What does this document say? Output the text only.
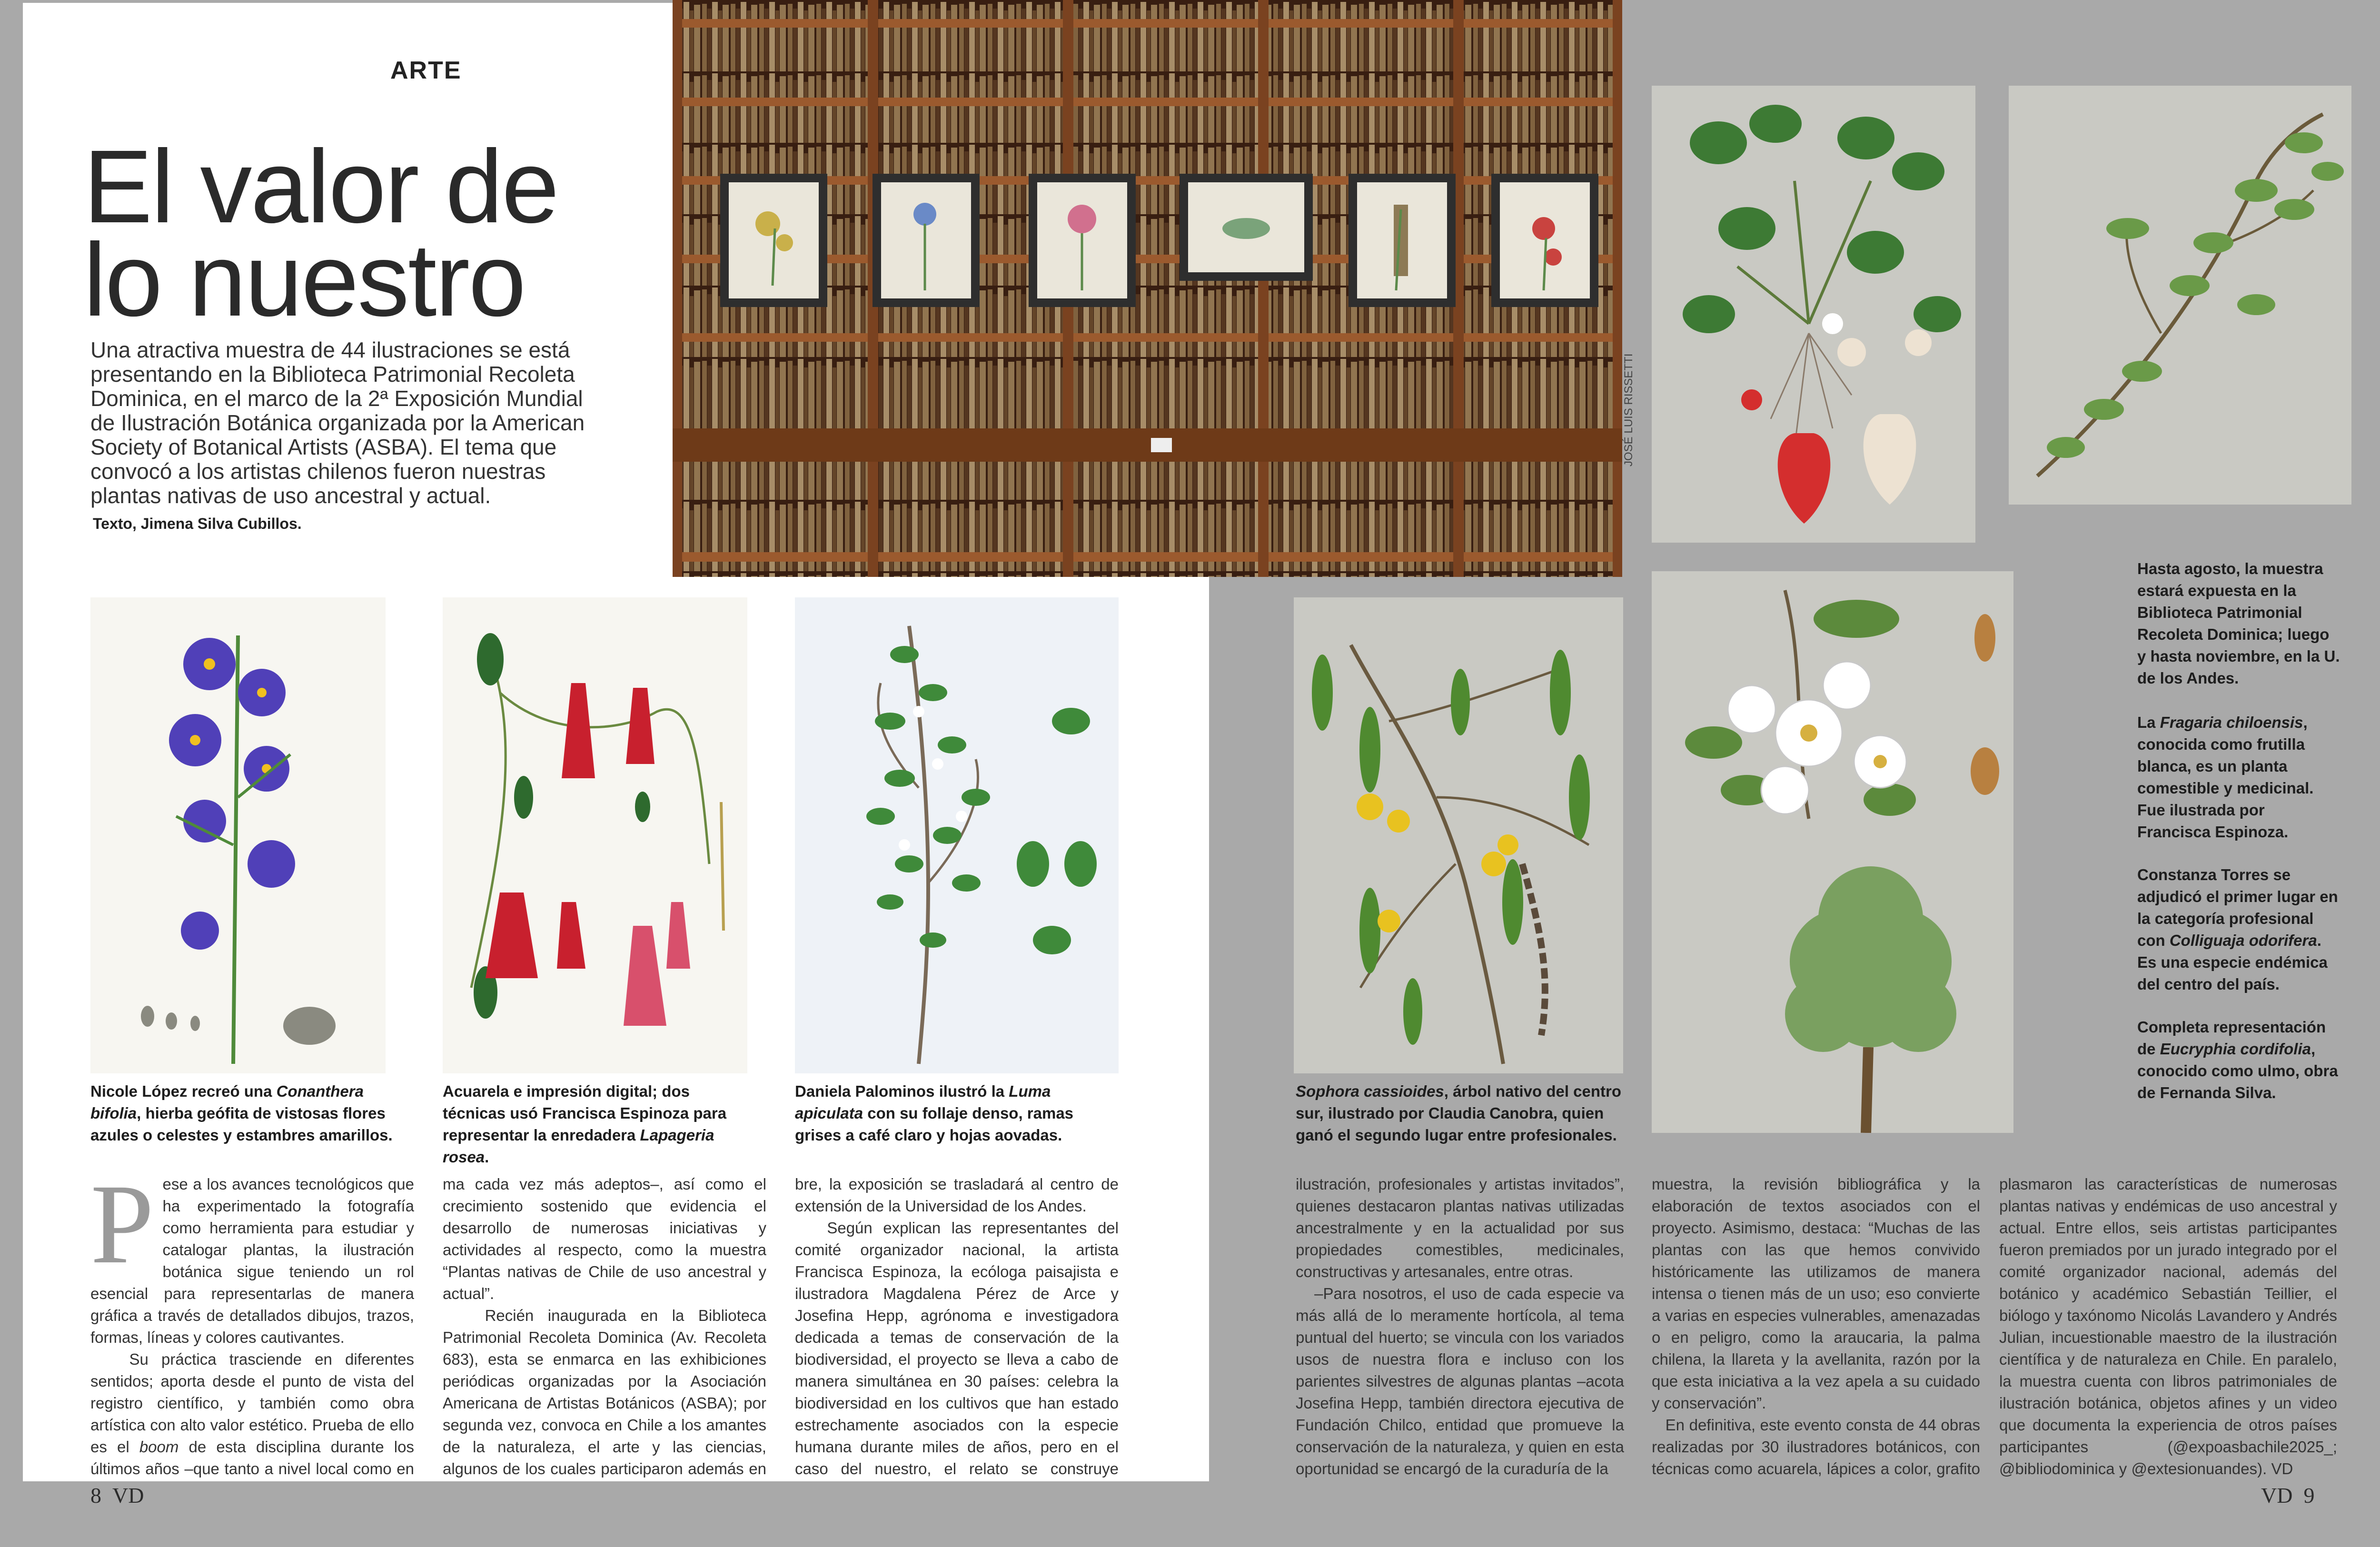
ARTE
El valor de
lo nuestro
Una atractiva muestra de 44 ilustraciones se está presentando en la Biblioteca Patrimonial Recoleta Dominica, en el marco de la 2ª Exposición Mundial de Ilustración Botánica organizada por la American Society of Botanical Artists (ASBA). El tema que convocó a los artistas chilenos fueron nuestras plantas nativas de uso ancestral y actual.
Texto, Jimena Silva Cubillos.
JOSÉ LUIS RISSETTI
Nicole López recreó una Conanthera bifolia, hierba geófita de vistosas flores azules o celestes y estambres amarillos.
Acuarela e impresión digital; dos técnicas usó Francisca Espinoza para representar la enredadera Lapageria rosea.
Daniela Palominos ilustró la Luma apiculata con su follaje denso, ramas grises a café claro y hojas aovadas.
P ese a los avances tecnológicos que ha experimentado la fotografía como herramienta para estudiar y catalogar plantas, la ilustración botánica sigue teniendo un rol esencial para representarlas de manera gráfica a través de detallados dibujos, trazos, formas, líneas y colores cautivantes.
Su práctica trasciende en diferentes sentidos; aporta desde el punto de vista del registro científico, y también como obra artística con alto valor estético. Prueba de ello es el boom de esta disciplina durante los últimos años –que tanto a nivel local como en
ma cada vez más adeptos–, así como el crecimiento sostenido que evidencia el desarrollo de numerosas iniciativas y actividades al respecto, como la muestra “Plantas nativas de Chile de uso ancestral y actual”.
Recién inaugurada en la Biblioteca Patrimonial Recoleta Dominica (Av. Recoleta 683), esta se enmarca en las exhibiciones periódicas organizadas por la Asociación Americana de Artistas Botánicos (ASBA); por segunda vez, convoca en Chile a los amantes de la naturaleza, el arte y las ciencias, algunos de los cuales participaron además en
bre, la exposición se trasladará al centro de extensión de la Universidad de los Andes.
Según explican las representantes del comité organizador nacional, la artista Francisca Espinoza, la ecóloga paisajista e ilustradora Magdalena Pérez de Arce y Josefina Hepp, agrónoma e investigadora dedicada a temas de conservación de la biodiversidad, el proyecto se lleva a cabo de manera simultánea en 30 países: celebra la biodiversidad en los cultivos que han estado estrechamente asociados con la especie humana durante miles de años, pero en el caso del nuestro, el relato se construye
8 VD
Hasta agosto, la muestra estará expuesta en la Biblioteca Patrimonial Recoleta Dominica; luego y hasta noviembre, en la U. de los Andes.
La Fragaria chiloensis, conocida como frutilla blanca, es un planta comestible y medicinal. Fue ilustrada por Francisca Espinoza.
Constanza Torres se adjudicó el primer lugar en la categoría profesional con Colliguaja odorifera. Es una especie endémica del centro del país.
Completa representación de Eucryphia cordifolia, conocido como ulmo, obra de Fernanda Silva.
Sophora cassioides, árbol nativo del centro sur, ilustrado por Claudia Canobra, quien ganó el segundo lugar entre profesionales.
ilustración, profesionales y artistas invitados”, quienes destacaron plantas nativas utilizadas ancestralmente y en la actualidad por sus propiedades comestibles, medicinales, constructivas y artesanales, entre otras.
–Para nosotros, el uso de cada especie va más allá de lo meramente hortícola, al tema puntual del huerto; se vincula con los variados usos de nuestra flora e incluso con los parientes silvestres de algunas plantas –acota Josefina Hepp, también directora ejecutiva de Fundación Chilco, entidad que promueve la conservación de la naturaleza, y quien en esta oportunidad se encargó de la curaduría de la
muestra, la revisión bibliográfica y la elaboración de textos asociados con el proyecto. Asimismo, destaca: “Muchas de las plantas con las que hemos convivido históricamente las utilizamos de manera intensa o tienen más de un uso; eso convierte a varias en especies vulnerables, amenazadas o en peligro, como la araucaria, la palma chilena, la llareta y la avellanita, razón por la que esta iniciativa a la vez apela a su cuidado y conservación”.
En definitiva, este evento consta de 44 obras realizadas por 30 ilustradores botánicos, con técnicas como acuarela, lápices a color, grafito
plasmaron las características de numerosas plantas nativas y endémicas de uso ancestral y actual. Entre ellos, seis artistas participantes fueron premiados por un jurado integrado por el comité organizador nacional, además del botánico y académico Sebastián Teillier, el biólogo y taxónomo Nicolás Lavandero y Andrés Julian, incuestionable maestro de la ilustración científica y de naturaleza en Chile. En paralelo, la muestra cuenta con libros patrimoniales de ilustración botánica, objetos afines y un video que documenta la experiencia de otros países participantes (@expoasbachile2025_; @bibliodominica y @extesionuandes). VD
VD 9
